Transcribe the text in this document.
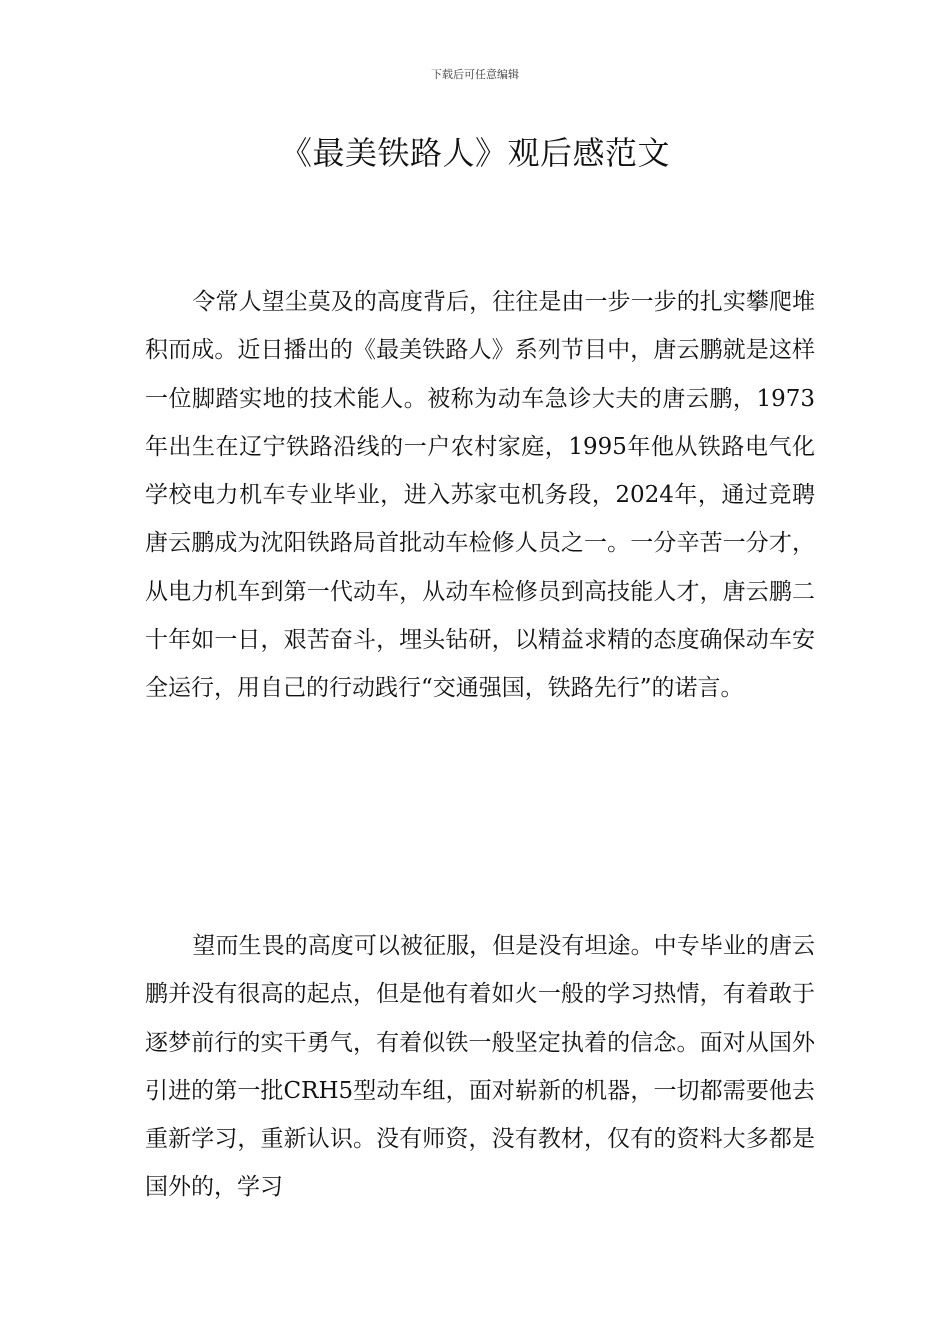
下载后可任意编辑
《最美铁路人》观后感范文

令常人望尘莫及的高度背后，往往是由一步一步的扎实攀爬堆积而成。近日播出的《最美铁路人》系列节目中，唐云鹏就是这样一位脚踏实地的技术能人。被称为动车急诊大夫的唐云鹏，1973年出生在辽宁铁路沿线的一户农村家庭，1995年他从铁路电气化学校电力机车专业毕业，进入苏家屯机务段，2024年，通过竞聘唐云鹏成为沈阳铁路局首批动车检修人员之一。一分辛苦一分才，从电力机车到第一代动车，从动车检修员到高技能人才，唐云鹏二十年如一日，艰苦奋斗，埋头钻研，以精益求精的态度确保动车安全运行，用自己的行动践行“交通强国，铁路先行”的诺言。

望而生畏的高度可以被征服，但是没有坦途。中专毕业的唐云鹏并没有很高的起点，但是他有着如火一般的学习热情，有着敢于逐梦前行的实干勇气，有着似铁一般坚定执着的信念。面对从国外引进的第一批CRH5型动车组，面对崭新的机器，一切都需要他去重新学习，重新认识。没有师资，没有教材，仅有的资料大多都是国外的，学习
